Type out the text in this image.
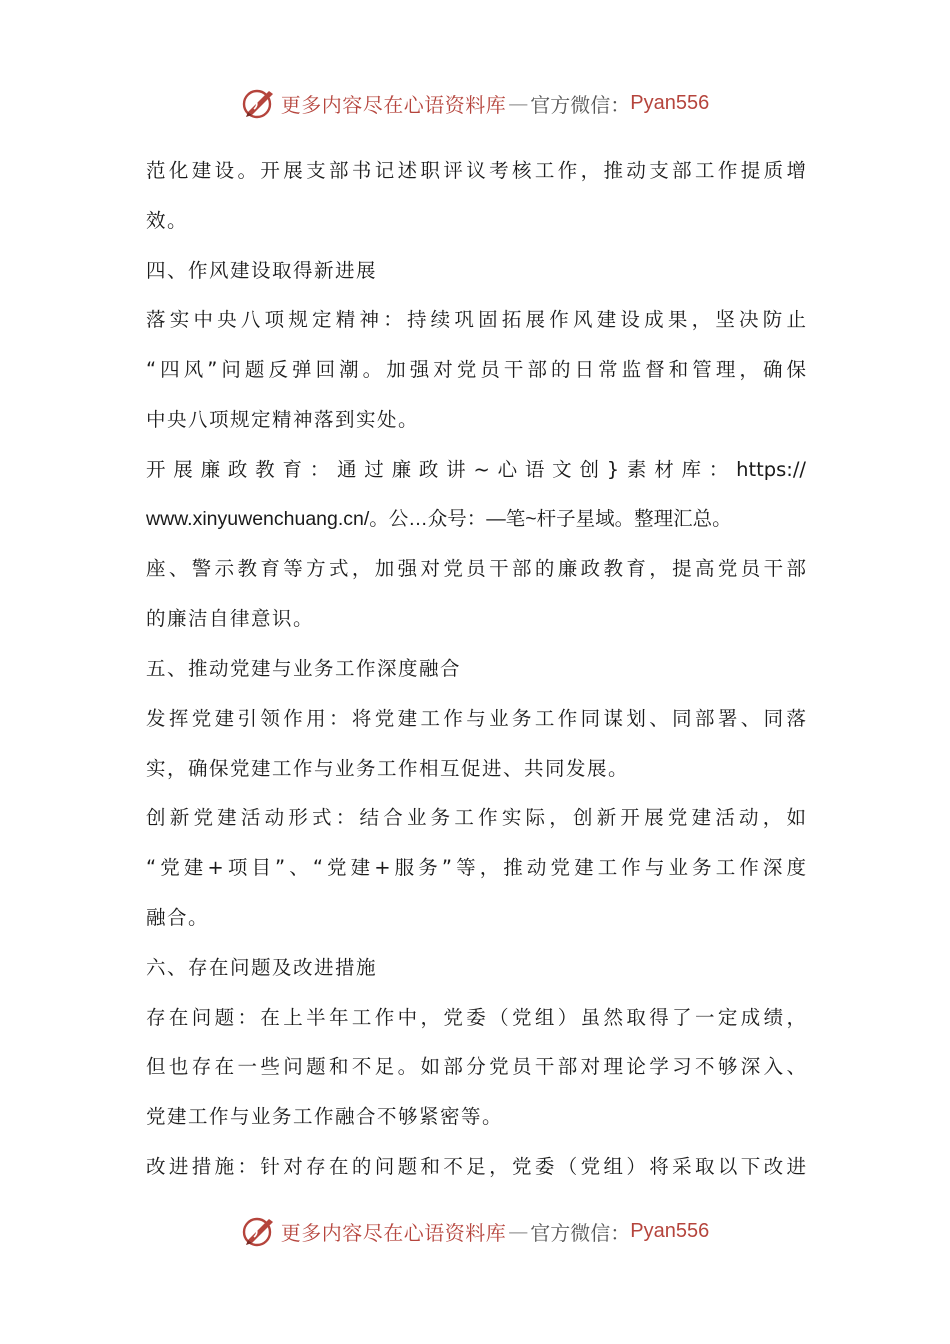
更多内容尽在心语资料库 — 官方微信： Pyan556
范化建设。开展支部书记述职评议考核工作，推动支部工作提质增
效。
四、作风建设取得新进展
落实中央八项规定精神：持续巩固拓展作风建设成果，坚决防止
“四风”问题反弹回潮。加强对党员干部的日常监督和管理，确保
中央八项规定精神落到实处。
开展廉政教育：通过廉政讲~心语文创}素材库：https://
www.xinyuwenchuang.cn/。公…众号：—笔~杆子星域。整理汇总。
座、警示教育等方式，加强对党员干部的廉政教育，提高党员干部
的廉洁自律意识。
五、推动党建与业务工作深度融合
发挥党建引领作用：将党建工作与业务工作同谋划、同部署、同落
实，确保党建工作与业务工作相互促进、共同发展。
创新党建活动形式：结合业务工作实际，创新开展党建活动，如
“党建+项目”、“党建+服务”等，推动党建工作与业务工作深度
融合。
六、存在问题及改进措施
存在问题：在上半年工作中，党委（党组）虽然取得了一定成绩，
但也存在一些问题和不足。如部分党员干部对理论学习不够深入、
党建工作与业务工作融合不够紧密等。
改进措施：针对存在的问题和不足，党委（党组）将采取以下改进
更多内容尽在心语资料库 — 官方微信： Pyan556
